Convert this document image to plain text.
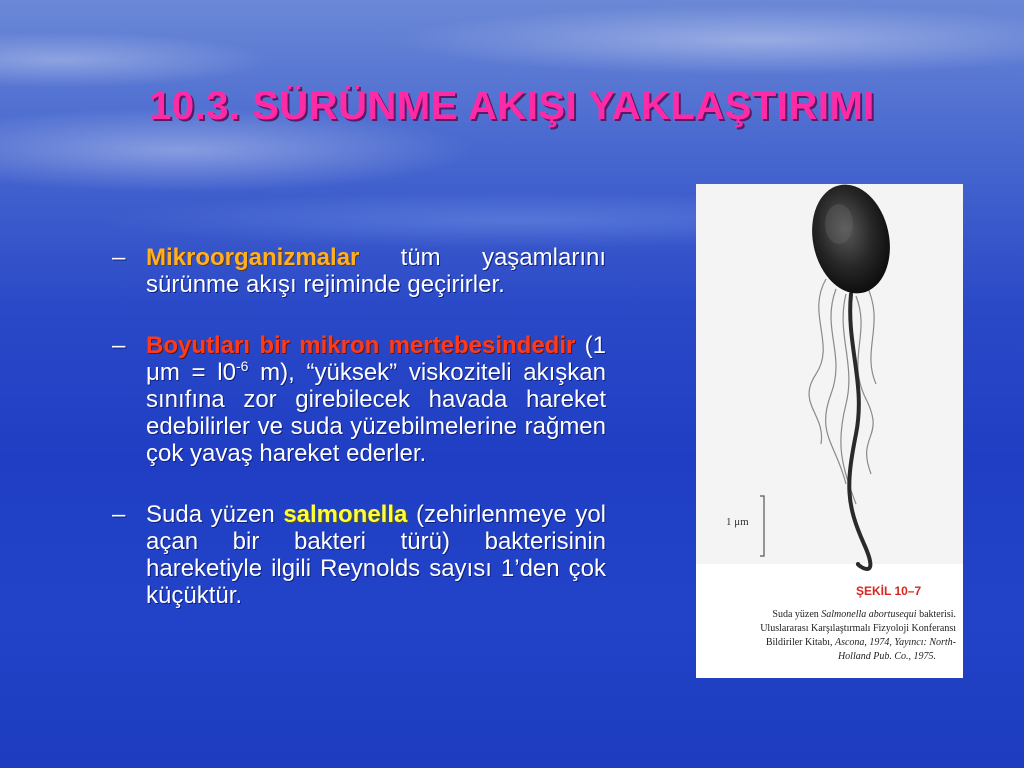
10.3. SÜRÜNME AKIŞI YAKLAŞTIRIMI
– Mikroorganizmalar tüm yaşamlarını sürünme akışı rejiminde geçirirler.
– Boyutları bir mikron mertebesindedir (1 $\mu m = l0^{-6}$ m), “yüksek” viskoziteli akışkan sınıfına zor girebilecek havada hareket edebilirler ve suda yüzebilmelerine rağmen çok yavaş hareket ederler.
– Suda yüzen salmonella (zehirlenmeye yol açan bir bakteri türü) bakterisinin hareketiyle ilgili Reynolds sayısı 1’den çok küçüktür.
1 μm
ŞEKİL 10–7
Suda yüzen Salmonella abortusequi bakterisi.
Uluslararası Karşılaştırmalı Fizyoloji Konferansı
Bildiriler Kitabı, Ascona, 1974, Yayıncı: North-
Holland Pub. Co., 1975.
